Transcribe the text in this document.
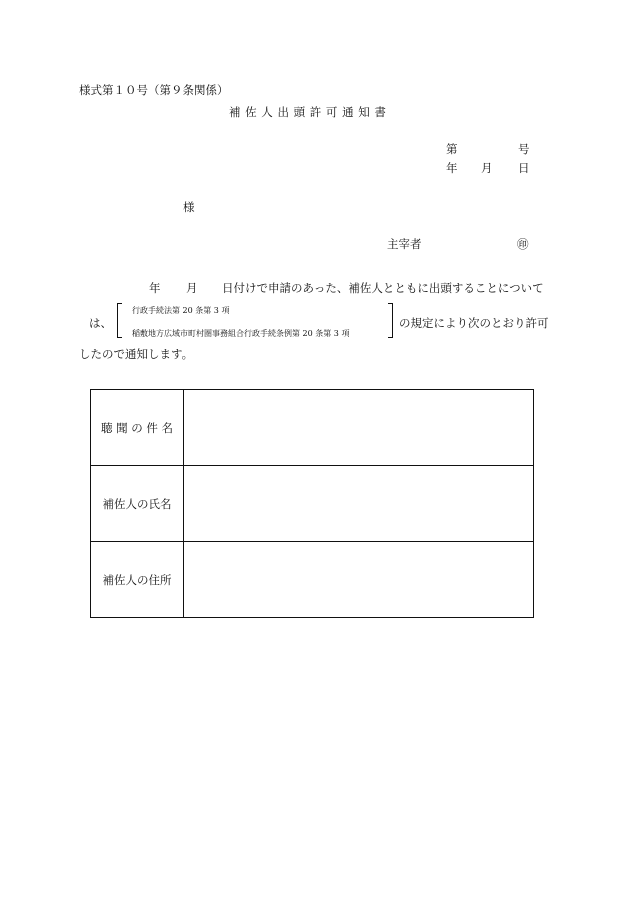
様式第１０号（第９条関係）
補 佐 人 出 頭 許 可 通 知 書
第	号
年 月 日
様
主宰者	㊞
年 月 日付けで申請のあった、補佐人とともに出頭することについて
は、
行政手続法第 20 条第 3 項
稲敷地方広域市町村圏事務組合行政手続条例第 20 条第 3 項
の規定により次のとおり許可
したので通知します。
聴 聞 の 件 名	
補佐人の氏名	
補佐人の住所	
